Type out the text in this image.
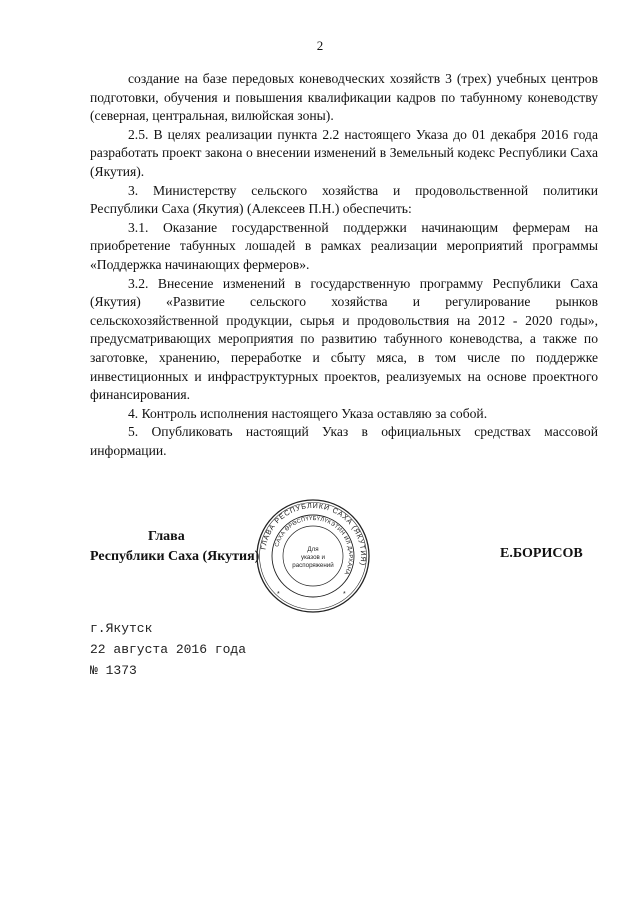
2

создание на базе передовых коневодческих хозяйств 3 (трех) учебных центров подготовки, обучения и повышения квалификации кадров по табунному коневодству (северная, центральная, вилюйская зоны).

2.5. В целях реализации пункта 2.2 настоящего Указа до 01 декабря 2016 года разработать проект закона о внесении изменений в Земельный кодекс Республики Саха (Якутия).

3. Министерству сельского хозяйства и продовольственной политики Республики Саха (Якутия) (Алексеев П.Н.) обеспечить:

3.1. Оказание государственной поддержки начинающим фермерам на приобретение табунных лошадей в рамках реализации мероприятий программы «Поддержка начинающих фермеров».

3.2. Внесение изменений в государственную программу Республики Саха (Якутия) «Развитие сельского хозяйства и регулирование рынков сельскохозяйственной продукции, сырья и продовольствия на 2012 - 2020 годы», предусматривающих мероприятия по развитию табунного коневодства, а также по заготовке, хранению, переработке и сбыту мяса, в том числе по поддержке инвестиционных и инфраструктурных проектов, реализуемых на основе проектного финансирования.

4. Контроль исполнения настоящего Указа оставляю за собой.

5. Опубликовать настоящий Указ в официальных средствах массовой информации.

Глава
Республики Саха (Якутия)	Е.БОРИСОВ
ГЛАВА РЕСПУБЛИКИ САХА (ЯКУТИЯ)
САХА ӨРӨСПҮҮБҮЛҮКЭТИН ИЛ ДАРХАНА
Для
указов и
распоряжений
*	*
г.Якутск
22 августа 2016 года
№ 1373
